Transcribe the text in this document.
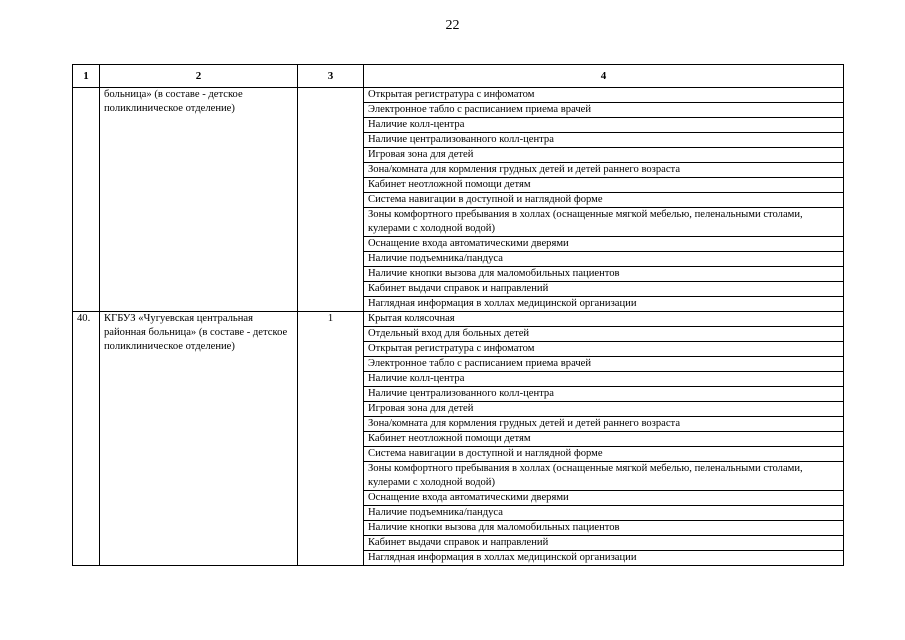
22
1	2	3	4
	больница» (в составе - детское поликлиническое отделение)		Открытая регистратура с инфоматом
			Электронное табло с расписанием приема врачей
			Наличие колл-центра
			Наличие централизованного колл-центра
			Игровая зона для детей
			Зона/комната для кормления грудных детей и детей раннего возраста
			Кабинет неотложной помощи детям
			Система навигации в доступной и наглядной форме
			Зоны комфортного пребывания в холлах (оснащенные мягкой мебелью, пеленальными столами, кулерами с холодной водой)
			Оснащение входа автоматическими дверями
			Наличие подъемника/пандуса
			Наличие кнопки вызова для маломобильных пациентов
			Кабинет выдачи справок и направлений
			Наглядная информация в холлах медицинской организации
40.	КГБУЗ «Чугуевская центральная районная больница» (в составе - детское поликлиническое отделение)	1	Крытая колясочная
			Отдельный вход для больных детей
			Открытая регистратура с инфоматом
			Электронное табло с расписанием приема врачей
			Наличие колл-центра
			Наличие централизованного колл-центра
			Игровая зона для детей
			Зона/комната для кормления грудных детей и детей раннего возраста
			Кабинет неотложной помощи детям
			Система навигации в доступной и наглядной форме
			Зоны комфортного пребывания в холлах (оснащенные мягкой мебелью, пеленальными столами, кулерами с холодной водой)
			Оснащение входа автоматическими дверями
			Наличие подъемника/пандуса
			Наличие кнопки вызова для маломобильных пациентов
			Кабинет выдачи справок и направлений
			Наглядная информация в холлах медицинской организации
